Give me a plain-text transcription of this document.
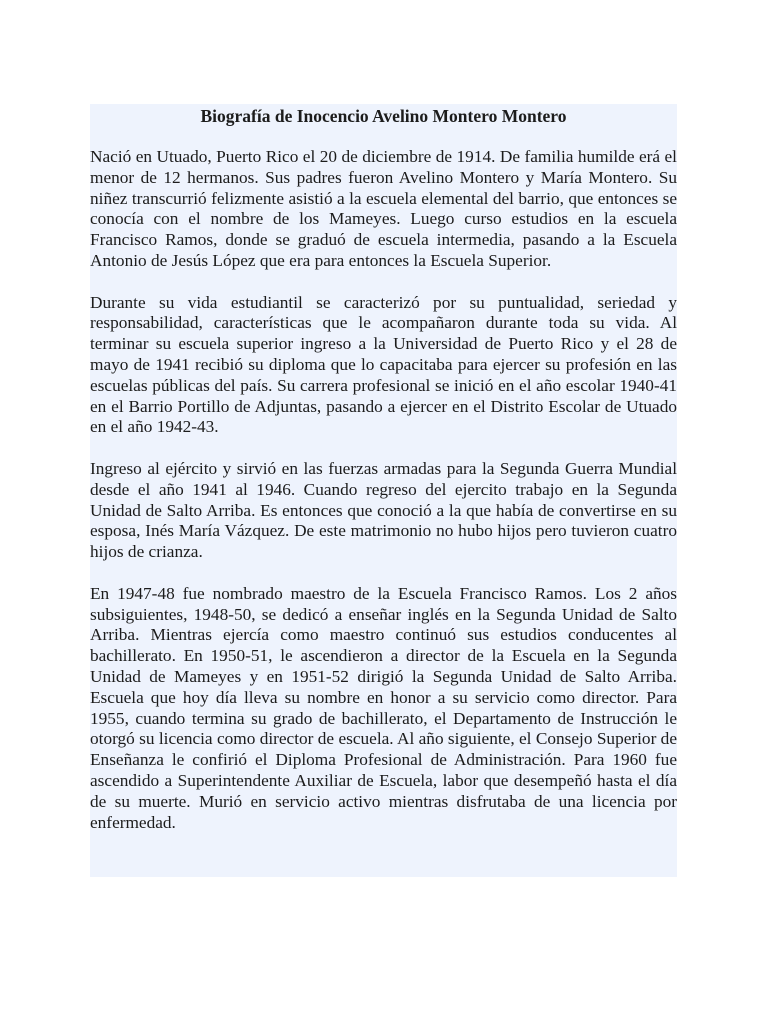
Biografía de Inocencio Avelino Montero Montero

Nació en Utuado, Puerto Rico el 20 de diciembre de 1914. De familia humilde erá el menor de 12 hermanos. Sus padres fueron Avelino Montero y María Montero. Su niñez transcurrió felizmente asistió a la escuela elemental del barrio, que entonces se conocía con el nombre de los Mameyes. Luego curso estudios en la escuela Francisco Ramos, donde se graduó de escuela intermedia, pasando a la Escuela Antonio de Jesús López que era para entonces la Escuela Superior.

Durante su vida estudiantil se caracterizó por su puntualidad, seriedad y responsabilidad, características que le acompañaron durante toda su vida. Al terminar su escuela superior ingreso a la Universidad de Puerto Rico y el 28 de mayo de 1941 recibió su diploma que lo capacitaba para ejercer su profesión en las escuelas públicas del país. Su carrera profesional se inició en el año escolar 1940-41 en el Barrio Portillo de Adjuntas, pasando a ejercer en el Distrito Escolar de Utuado en el año 1942-43.

Ingreso al ejército y sirvió en las fuerzas armadas para la Segunda Guerra Mundial desde el año 1941 al 1946. Cuando regreso del ejercito trabajo en la Segunda Unidad de Salto Arriba. Es entonces que conoció a la que había de convertirse en su esposa, Inés María Vázquez. De este matrimonio no hubo hijos pero tuvieron cuatro hijos de crianza.

En 1947-48 fue nombrado maestro de la Escuela Francisco Ramos. Los 2 años subsiguientes, 1948-50, se dedicó a enseñar inglés en la Segunda Unidad de Salto Arriba. Mientras ejercía como maestro continuó sus estudios conducentes al bachillerato. En 1950-51, le ascendieron a director de la Escuela en la Segunda Unidad de Mameyes y en 1951-52 dirigió la Segunda Unidad de Salto Arriba. Escuela que hoy día lleva su nombre en honor a su servicio como director. Para 1955, cuando termina su grado de bachillerato, el Departamento de Instrucción le otorgó su licencia como director de escuela. Al año siguiente, el Consejo Superior de Enseñanza le confirió el Diploma Profesional de Administración. Para 1960 fue ascendido a Superintendente Auxiliar de Escuela, labor que desempeñó hasta el día de su muerte. Murió en servicio activo mientras disfrutaba de una licencia por enfermedad.
